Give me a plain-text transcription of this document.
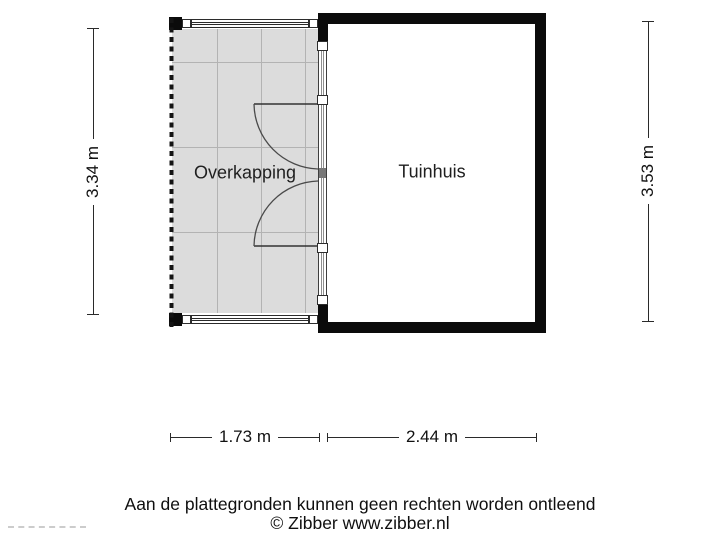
Overkapping	Tuinhuis
3.34 m	3.53 m
1.73 m	2.44 m
Aan de plattegronden kunnen geen rechten worden ontleend
© Zibber www.zibber.nl
